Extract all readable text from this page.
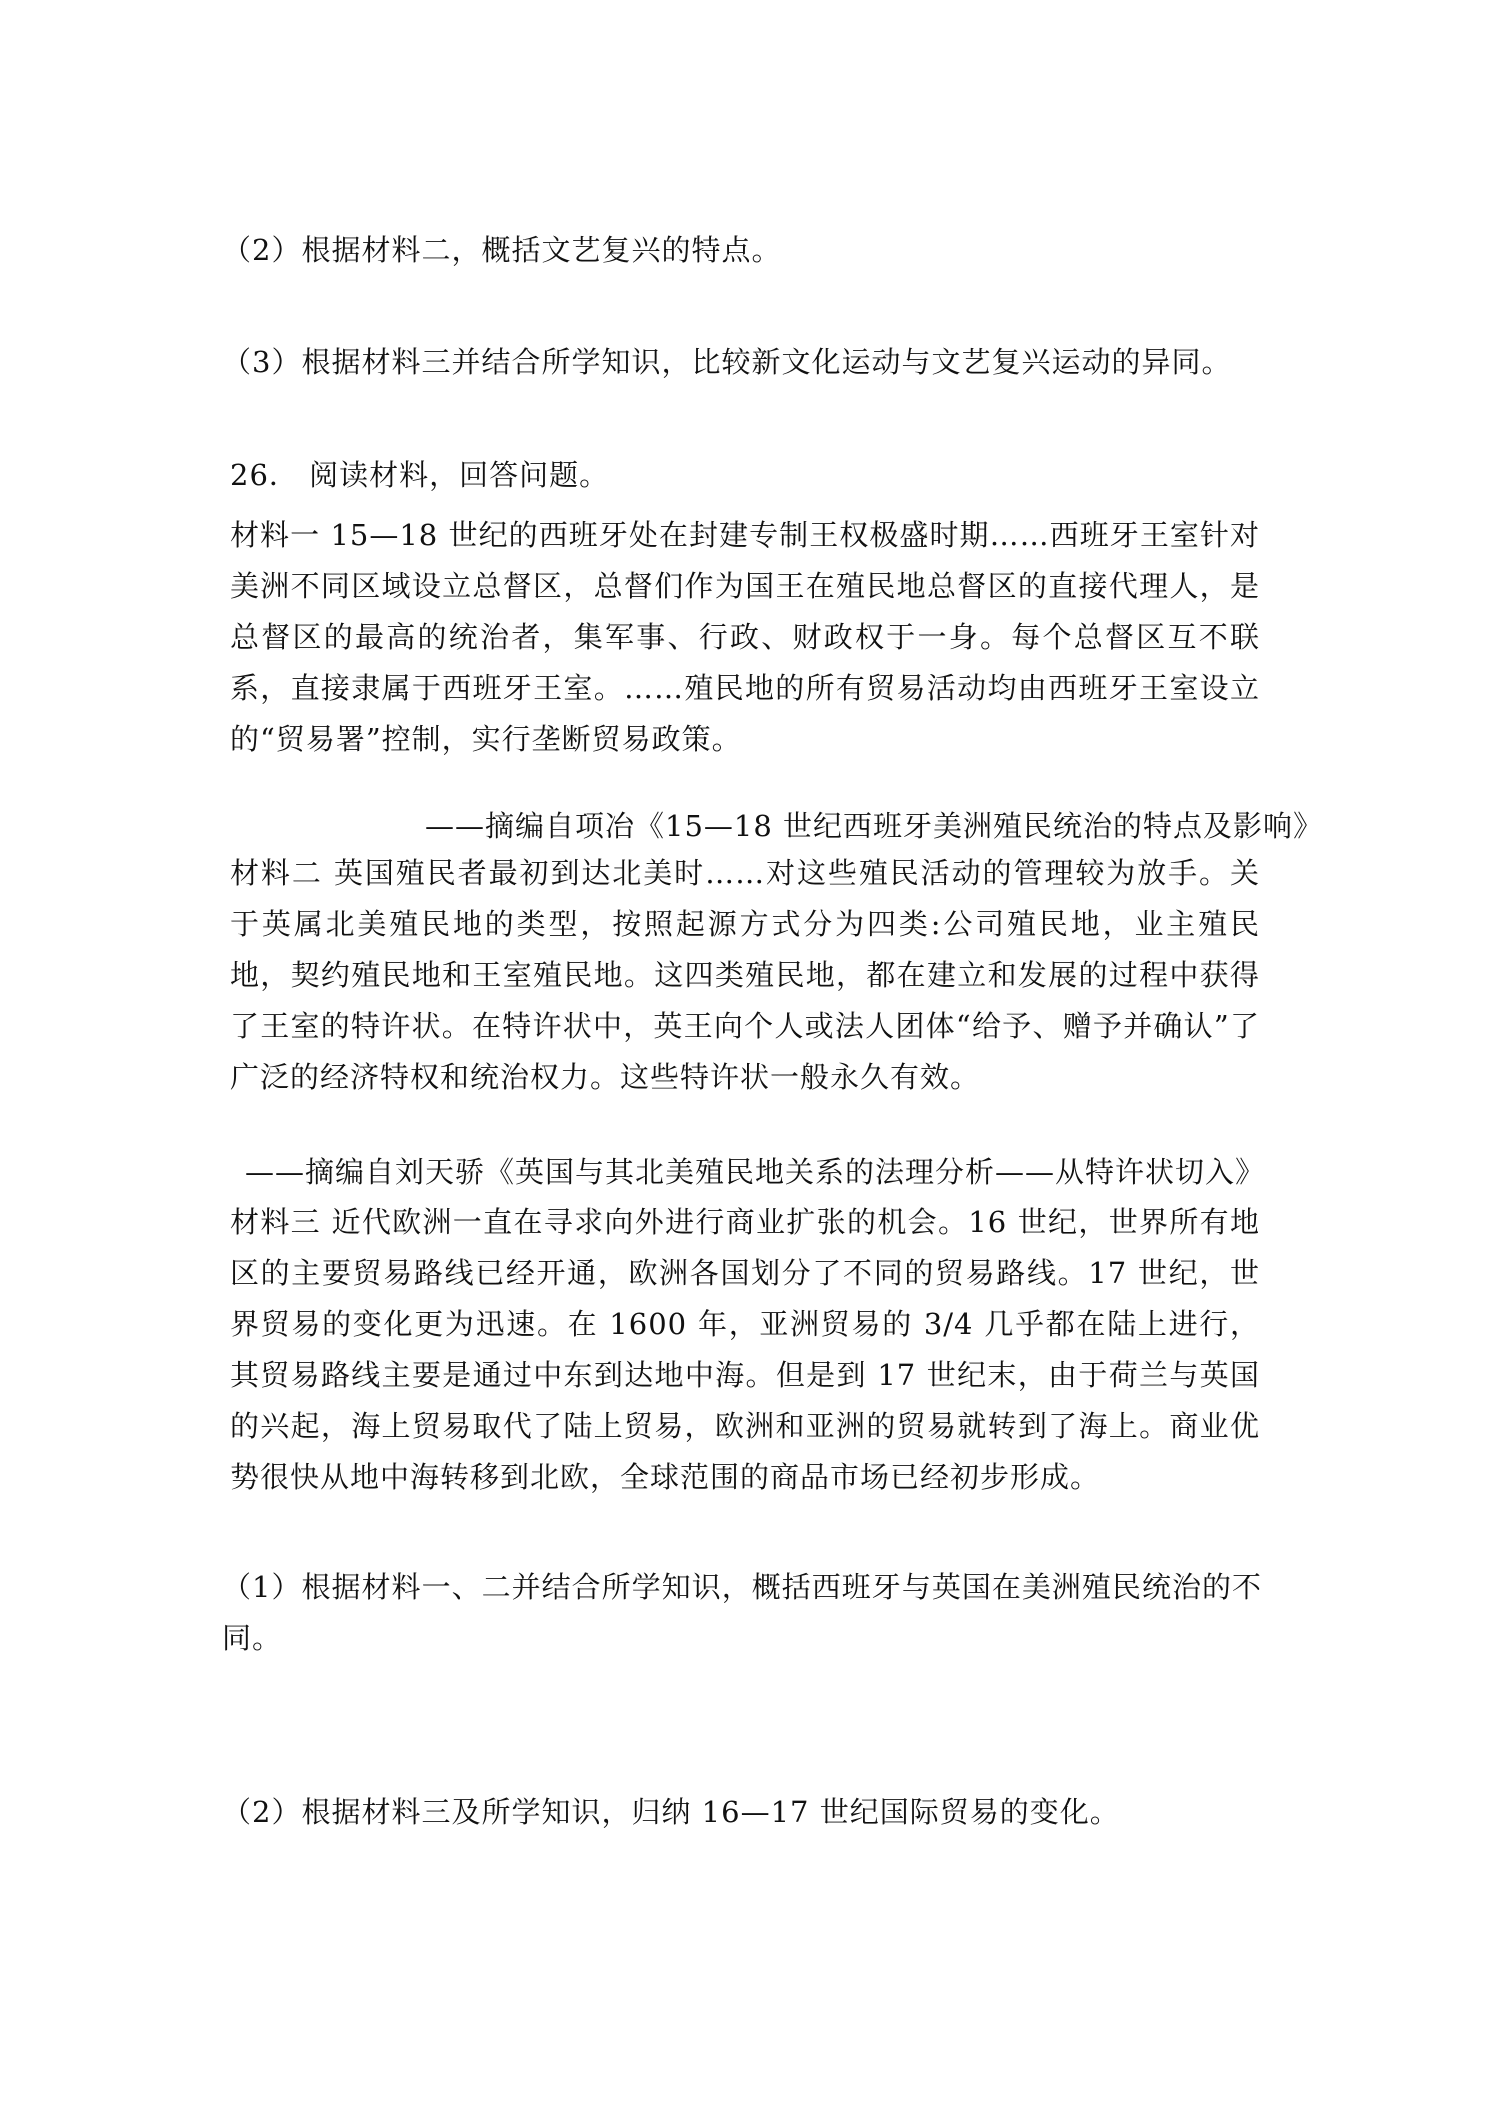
（2）根据材料二，概括文艺复兴的特点。
（3）根据材料三并结合所学知识，比较新文化运动与文艺复兴运动的异同。
26． 阅读材料，回答问题。
材料一 15—18 世纪的西班牙处在封建专制王权极盛时期……西班牙王室针对美洲不同区域设立总督区，总督们作为国王在殖民地总督区的直接代理人，是总督区的最高的统治者，集军事、行政、财政权于一身。每个总督区互不联系，直接隶属于西班牙王室。……殖民地的所有贸易活动均由西班牙王室设立的“贸易署”控制，实行垄断贸易政策。
——摘编自项冶《15—18 世纪西班牙美洲殖民统治的特点及影响》
材料二 英国殖民者最初到达北美时……对这些殖民活动的管理较为放手。关于英属北美殖民地的类型，按照起源方式分为四类:公司殖民地，业主殖民地，契约殖民地和王室殖民地。这四类殖民地，都在建立和发展的过程中获得了王室的特许状。在特许状中，英王向个人或法人团体“给予、赠予并确认”了广泛的经济特权和统治权力。这些特许状一般永久有效。
——摘编自刘天骄《英国与其北美殖民地关系的法理分析——从特许状切入》
材料三 近代欧洲一直在寻求向外进行商业扩张的机会。16 世纪，世界所有地区的主要贸易路线已经开通，欧洲各国划分了不同的贸易路线。17 世纪，世界贸易的变化更为迅速。在 1600 年，亚洲贸易的 3/4 几乎都在陆上进行，其贸易路线主要是通过中东到达地中海。但是到 17 世纪末，由于荷兰与英国的兴起，海上贸易取代了陆上贸易，欧洲和亚洲的贸易就转到了海上。商业优势很快从地中海转移到北欧，全球范围的商品市场已经初步形成。
（1）根据材料一、二并结合所学知识，概括西班牙与英国在美洲殖民统治的不同。
（2）根据材料三及所学知识，归纳 16—17 世纪国际贸易的变化。
